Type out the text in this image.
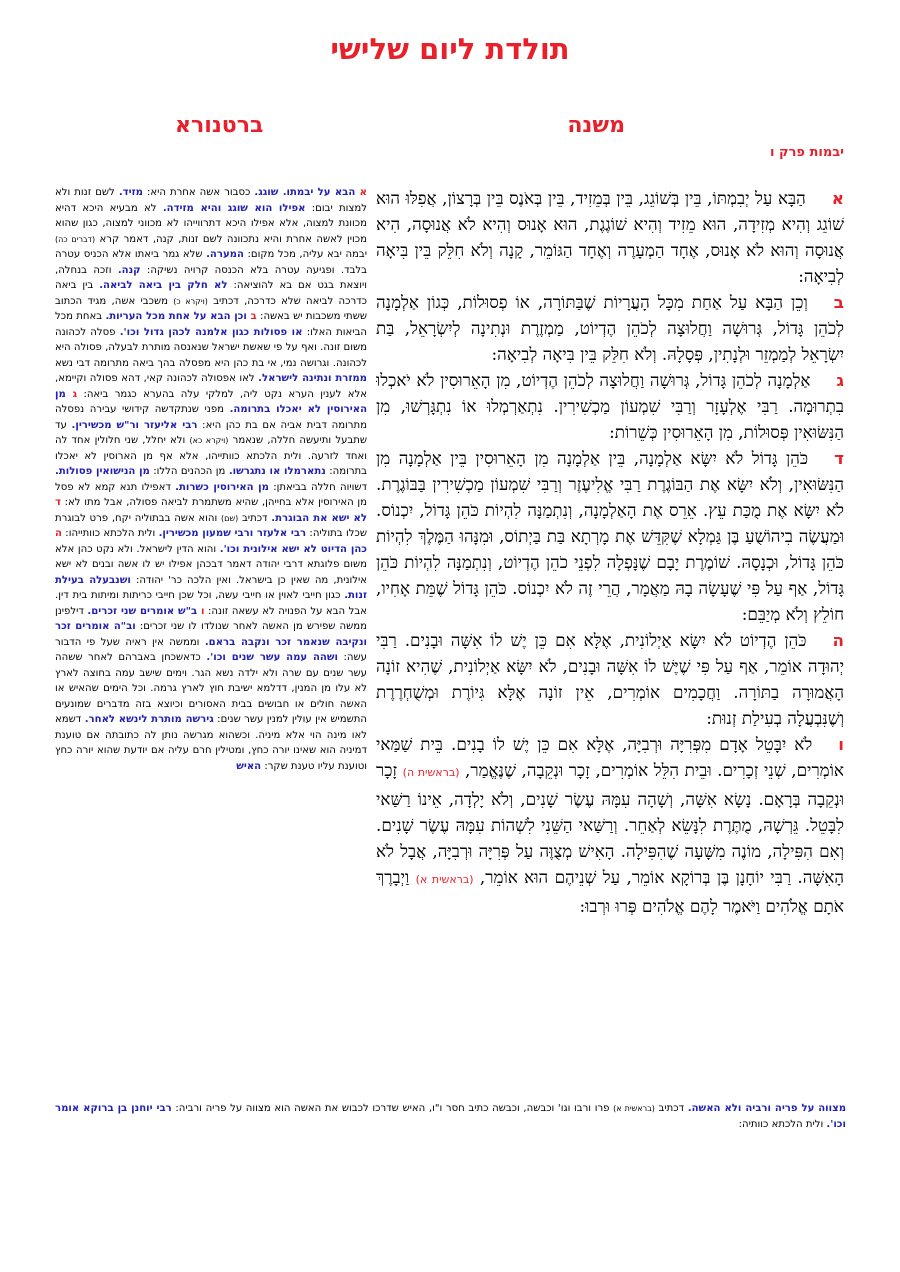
תולדת ליום שלישי
משנה
ברטנורא
יבמות פרק ו

אהַבָּא עַל יְבִמְתּוֹ, בֵּין בְּשׁוֹגֵג, בֵּין בְּמֵזִיד, בֵּין בְּאֹנֶס בֵּין בְּרָצוֹן, אֲפִלּוּ הוּא שׁוֹגֵג וְהִיא מְזִידָה, הוּא מֵזִיד וְהִיא שׁוֹגֶגֶת, הוּא אָנוּס וְהִיא לֹא אֲנוּסָה, הִיא אֲנוּסָה וְהוּא לֹא אָנוּס, אֶחָד הַמְעָרֶה וְאֶחָד הַגּוֹמֵר, קָנָה וְלֹא חִלֵּק בֵּין בִּיאָה לְבִיאָה:

בוְכֵן הַבָּא עַל אַחַת מִכָּל הָעֲרָיוֹת שֶׁבַּתּוֹרָה, אוֹ פְסוּלוֹת, כְּגוֹן אַלְמָנָה לְכֹהֵן גָּדוֹל, גְּרוּשָׁה וַחֲלוּצָה לְכֹהֵן הֶדְיוֹט, מַמְזֶרֶת וּנְתִינָה לְיִשְׂרָאֵל, בַּת יִשְׂרָאֵל לְמַמְזֵר וּלְנָתִין, פְּסָלָהּ. וְלֹא חִלֵּק בֵּין בִּיאָה לְבִיאָה:

גאַלְמָנָה לְכֹהֵן גָּדוֹל, גְּרוּשָׁה וַחֲלוּצָה לְכֹהֵן הֶדְיוֹט, מִן הָאֵרוּסִין לֹא יֹאכְלוּ בִתְרוּמָה. רַבִּי אֶלְעָזָר וְרַבִּי שִׁמְעוֹן מַכְשִׁירִין. נִתְאַרְמְלוּ אוֹ נִתְגָּרְשׁוּ, מִן הַנִּשּׂוּאִין פְּסוּלוֹת, מִן הָאֵרוּסִין כְּשֵׁרוֹת:

דכֹּהֵן גָּדוֹל לֹא יִשָּׂא אַלְמָנָה, בֵּין אַלְמָנָה מִן הָאֵרוּסִין בֵּין אַלְמָנָה מִן הַנִּשּׂוּאִין, וְלֹא יִשָּׂא אֶת הַבּוֹגֶרֶת רַבִּי אֱלִיעֶזֶר וְרַבִּי שִׁמְעוֹן מַכְשִׁירִין בַּבּוֹגֶרֶת. לֹא יִשָּׂא אֶת מֻכַּת עֵץ. אֵרֵס אֶת הָאַלְמָנָה, וְנִתְמַנָּה לִהְיוֹת כֹּהֵן גָּדוֹל, יִכְנוֹס. וּמַעֲשֶׂה בִיהוֹשֻׁעַ בֶּן גַּמְלָא שֶׁקִּדֵּשׁ אֶת מָרְתָא בַּת בַּיְתוֹס, וּמִנָּהוּ הַמֶּלֶךְ לִהְיוֹת כֹּהֵן גָּדוֹל, וּכְנָסָהּ. שׁוֹמֶרֶת יָבָם שֶׁנָּפְלָה לִפְנֵי כֹהֵן הֶדְיוֹט, וְנִתְמַנָּה לִהְיוֹת כֹּהֵן גָּדוֹל, אַף עַל פִּי שֶׁעָשָׂה בָהּ מַאֲמָר, הֲרֵי זֶה לֹא יִכְנוֹס. כֹּהֵן גָּדוֹל שֶׁמֵּת אָחִיו, חוֹלֵץ וְלֹא מְיַבֵּם:

הכֹּהֵן הֶדְיוֹט לֹא יִשָּׂא אַיְלוֹנִית, אֶלָּא אִם כֵּן יֶשׁ לוֹ אִשָּׁה וּבָנִים. רַבִּי יְהוּדָה אוֹמֵר, אַף עַל פִּי שֶׁיֶּשׁ לוֹ אִשָּׁה וּבָנִים, לֹא יִשָּׂא אַיְלוֹנִית, שֶׁהִיא זוֹנָה הָאֲמוּרָה בַתּוֹרָה. וַחֲכָמִים אוֹמְרִים, אֵין זוֹנָה אֶלָּא גִּיוֹרֶת וּמְשֻׁחְרֶרֶת וְשֶׁנִּבְעֲלָה בְעִילַת זְנוּת:

ולֹא יִבָּטֵל אָדָם מִפְּרִיָּה וּרְבִיָּה, אֶלָּא אִם כֵּן יֶשׁ לוֹ בָנִים. בֵּית שַׁמַּאי אוֹמְרִים, שְׁנֵי זְכָרִים. וּבֵית הִלֵּל אוֹמְרִים, זָכָר וּנְקֵבָה, שֶׁנֶּאֱמַר, (בראשית ה) זָכָר וּנְקֵבָה בְּרָאָם. נָשָׂא אִשָּׁה, וְשָׁהָה עִמָּהּ עֶשֶׂר שָׁנִים, וְלֹא יָלְדָה, אֵינוֹ רַשַּׁאי לִבָּטֵל. גֵּרְשָׁהּ, מֻתֶּרֶת לִנָּשֵׂא לְאַחֵר. וְרַשַּׁאי הַשֵּׁנִי לִשְׁהוֹת עִמָּהּ עֶשֶׂר שָׁנִים. וְאִם הִפִּילָה, מוֹנֶה מִשָּׁעָה שֶׁהִפִּילָה. הָאִישׁ מְצֻוֶּה עַל פְּרִיָּה וּרְבִיָּה, אֲבָל לֹא הָאִשָּׁה. רַבִּי יוֹחָנָן בֶּן בְּרוֹקָא אוֹמֵר, עַל שְׁנֵיהֶם הוּא אוֹמֵר, (בראשית א) וַיְבָרֶךְ אֹתָם אֱלֹהִים וַיֹּאמֶר לָהֶם אֱלֹהִים פְּרוּ וּרְבוּ:

א הבא על יבמתו. שוגג. כסבור אשה אחרת היא: מזיד. לשם זנות ולא למצות יבום: אפילו הוא שוגג והיא מזידה. לא מבעיא היכא דהיא מכוונת למצוה, אלא אפילו היכא דתרווייהו לא מכווני למצוה, כגון שהוא מכוין לאשה אחרת והיא נתכוונה לשם זנות, קנה, דאמר קרא (דברים כה) יבמה יבא עליה, מכל מקום: המערה. שלא גמר ביאתו אלא הכניס עטרה בלבד. ופגיעה עטרה בלא הכנסה קרויה נשיקה: קנה. וזכה בנחלה, ויוצאת בגט אם בא להוציאה: לא חלק בין ביאה לביאה. בין ביאה כדרכה לביאה שלא כדרכה, דכתיב (ויקרא כ) משכבי אשה, מגיד הכתוב ששתי משכבות יש באשה: ב וכן הבא על אחת מכל העריות. באחת מכל הביאות האלו: או פסולות כגון אלמנה לכהן גדול וכו'. פסלה לכהונה משום זונה. ואף על פי שאשת ישראל שנאנסה מותרת לבעלה, פסולה היא לכהונה. וגרושה נמי, אי בת כהן היא מפסלה בהך ביאה מתרומה דבי נשא ממזרת ונתינה לישראל. לאו אפסולה לכהונה קאי, דהא פסולה וקיימא, אלא לענין הערא נקט ליה, למלקי עלה בהערא כגמר ביאה: ג מן האירוסין לא יאכלו בתרומה. מפני שנתקדשה קידושי עבירה נפסלה מתרומה דבית אביה אם בת כהן היא: רבי אליעזר ור"ש מכשירין. עד שתבעל ותיעשה חללה, שנאמר (ויקרא כא) ולא יחלל, שני חלולין אחד לה ואחד לזרעה. ולית הלכתא כוותייהו, אלא אף מן הארוסין לא יאכלו בתרומה: נתארמלו או נתגרשו. מן הכהנים הללו: מן הנישואין פסולות. דשויוה חללה בביאתן: מן האירוסין כשרות. דאפילו תנא קמא לא פסל מן האירוסין אלא בחייהן, שהיא משתמרת לביאה פסולה, אבל מתו לא: ד לא ישא את הבוגרת. דכתיב (שם) והוא אשה בבתוליה יקח, פרט לבוגרת שכלו בתוליה: רבי אלעזר ורבי שמעון מכשירין. ולית הלכתא כוותייהו: ה כהן הדיוט לא ישא אילונית וכו'. והוא הדין לישראל. ולא נקט כהן אלא משום פלוגתא דרבי יהודה דאמר דבכהן אפילו יש לו אשה ובנים לא ישא אילונית, מה שאין כן בישראל. ואין הלכה כר' יהודה: ושנבעלה בעילת זנות. כגון חייבי לאוין או חייבי עשה, וכל שכן חייבי כריתות ומיתות בית דין. אבל הבא על הפנויה לא עשאה זונה: ו ב"ש אומרים שני זכרים. דילפינן ממשה שפירש מן האשה לאחר שנולדו לו שני זכרים: וב"ה אומרים זכר ונקיבה שנאמר זכר ונקבה בראם. וממשה אין ראיה שעל פי הדבור עשה: ושהה עמה עשר שנים וכו'. כדאשכחן באברהם לאחר ששהה עשר שנים עם שרה ולא ילדה נשא הגר. וימים שישב עמה בחוצה לארץ לא עלו מן המנין, דדלמא ישיבת חוץ לארץ גרמה. וכל הימים שהאיש או האשה חולים או חבושים בבית האסורים וכיוצא בזה מדברים שמונעים התשמיש אין עולין למנין עשר שנים: גירשה מותרת לינשא לאחר. דשמא לאו מינה הוי אלא מיניה. וכשהוא מגרשה נותן לה כתובתה אם טוענת דמיניה הוא שאינו יורה כחץ, ומטילין חרם עליה אם יודעת שהוא יורה כחץ וטוענת עליו טענת שקר: האיש
מצווה על פריה ורביה ולא האשה. דכתיב (בראשית א) פרו ורבו וגו' וכבשה, וכבשה כתיב חסר ו"ו, האיש שדרכו לכבוש את האשה הוא מצווה על פריה ורביה: רבי יוחנן בן ברוקא אומר וכו'. ולית הלכתא כוותיה:
